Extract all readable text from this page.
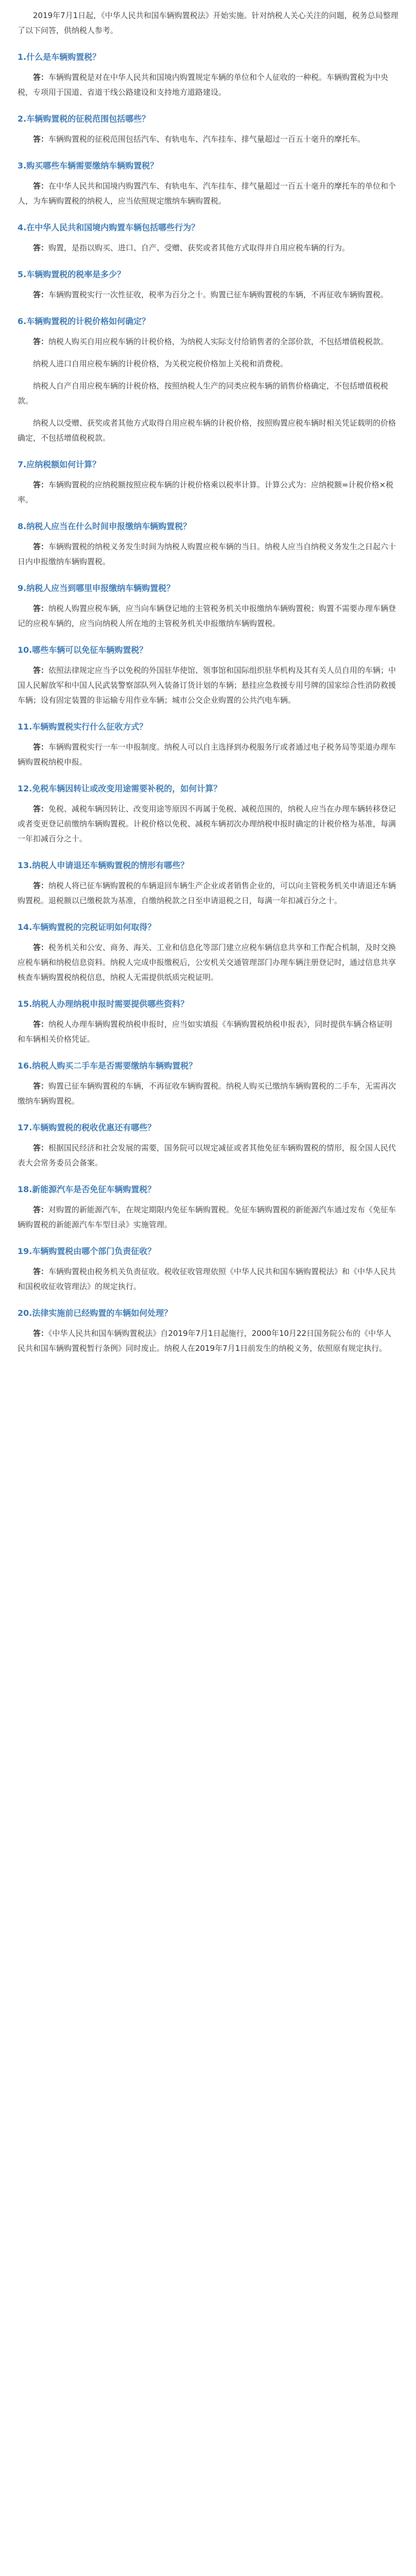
2019年7月1日起，《中华人民共和国车辆购置税法》开始实施。针对纳税人关心关注的问题，税务总局整理了以下问答，供纳税人参考。

1.什么是车辆购置税？

答：车辆购置税是对在中华人民共和国境内购置规定车辆的单位和个人征收的一种税。车辆购置税为中央税，专项用于国道、省道干线公路建设和支持地方道路建设。

2.车辆购置税的征税范围包括哪些？

答：车辆购置税的征税范围包括汽车、有轨电车、汽车挂车、排气量超过一百五十毫升的摩托车。

3.购买哪些车辆需要缴纳车辆购置税？

答：在中华人民共和国境内购置汽车、有轨电车、汽车挂车、排气量超过一百五十毫升的摩托车的单位和个人，为车辆购置税的纳税人，应当依照规定缴纳车辆购置税。

4.在中华人民共和国境内购置车辆包括哪些行为？

答：购置，是指以购买、进口、自产、受赠、获奖或者其他方式取得并自用应税车辆的行为。

5.车辆购置税的税率是多少？

答：车辆购置税实行一次性征收，税率为百分之十。购置已征车辆购置税的车辆，不再征收车辆购置税。

6.车辆购置税的计税价格如何确定？

答：纳税人购买自用应税车辆的计税价格，为纳税人实际支付给销售者的全部价款，不包括增值税税款。

纳税人进口自用应税车辆的计税价格，为关税完税价格加上关税和消费税。

纳税人自产自用应税车辆的计税价格，按照纳税人生产的同类应税车辆的销售价格确定，不包括增值税税款。

纳税人以受赠、获奖或者其他方式取得自用应税车辆的计税价格，按照购置应税车辆时相关凭证载明的价格确定，不包括增值税税款。

7.应纳税额如何计算？

答：车辆购置税的应纳税额按照应税车辆的计税价格乘以税率计算。计算公式为：应纳税额=计税价格×税率。

8.纳税人应当在什么时间申报缴纳车辆购置税？

答：车辆购置税的纳税义务发生时间为纳税人购置应税车辆的当日。纳税人应当自纳税义务发生之日起六十日内申报缴纳车辆购置税。

9.纳税人应当到哪里申报缴纳车辆购置税？

答：纳税人购置应税车辆，应当向车辆登记地的主管税务机关申报缴纳车辆购置税；购置不需要办理车辆登记的应税车辆的，应当向纳税人所在地的主管税务机关申报缴纳车辆购置税。

10.哪些车辆可以免征车辆购置税？

答：依照法律规定应当予以免税的外国驻华使馆、领事馆和国际组织驻华机构及其有关人员自用的车辆；中国人民解放军和中国人民武装警察部队列入装备订货计划的车辆；悬挂应急救援专用号牌的国家综合性消防救援车辆；设有固定装置的非运输专用作业车辆；城市公交企业购置的公共汽电车辆。

11.车辆购置税实行什么征收方式？

答：车辆购置税实行一车一申报制度。纳税人可以自主选择到办税服务厅或者通过电子税务局等渠道办理车辆购置税纳税申报。

12.免税车辆因转让或改变用途需要补税的，如何计算？

答：免税、减税车辆因转让、改变用途等原因不再属于免税、减税范围的，纳税人应当在办理车辆转移登记或者变更登记前缴纳车辆购置税。计税价格以免税、减税车辆初次办理纳税申报时确定的计税价格为基准，每满一年扣减百分之十。

13.纳税人申请退还车辆购置税的情形有哪些？

答：纳税人将已征车辆购置税的车辆退回车辆生产企业或者销售企业的，可以向主管税务机关申请退还车辆购置税。退税额以已缴税款为基准，自缴纳税款之日至申请退税之日，每满一年扣减百分之十。

14.车辆购置税的完税证明如何取得？

答：税务机关和公安、商务、海关、工业和信息化等部门建立应税车辆信息共享和工作配合机制，及时交换应税车辆和纳税信息资料。纳税人完成申报缴税后，公安机关交通管理部门办理车辆注册登记时，通过信息共享核查车辆购置税纳税信息，纳税人无需提供纸质完税证明。

15.纳税人办理纳税申报时需要提供哪些资料？

答：纳税人办理车辆购置税纳税申报时，应当如实填报《车辆购置税纳税申报表》，同时提供车辆合格证明和车辆相关价格凭证。

16.纳税人购买二手车是否需要缴纳车辆购置税？

答：购置已征车辆购置税的车辆，不再征收车辆购置税。纳税人购买已缴纳车辆购置税的二手车，无需再次缴纳车辆购置税。

17.车辆购置税的税收优惠还有哪些？

答：根据国民经济和社会发展的需要，国务院可以规定减征或者其他免征车辆购置税的情形，报全国人民代表大会常务委员会备案。

18.新能源汽车是否免征车辆购置税？

答：对购置的新能源汽车，在规定期限内免征车辆购置税。免征车辆购置税的新能源汽车通过发布《免征车辆购置税的新能源汽车车型目录》实施管理。

19.车辆购置税由哪个部门负责征收？

答：车辆购置税由税务机关负责征收。税收征收管理依照《中华人民共和国车辆购置税法》和《中华人民共和国税收征收管理法》的规定执行。

20.法律实施前已经购置的车辆如何处理？

答：《中华人民共和国车辆购置税法》自2019年7月1日起施行，2000年10月22日国务院公布的《中华人民共和国车辆购置税暂行条例》同时废止。纳税人在2019年7月1日前发生的纳税义务，依照原有规定执行。
